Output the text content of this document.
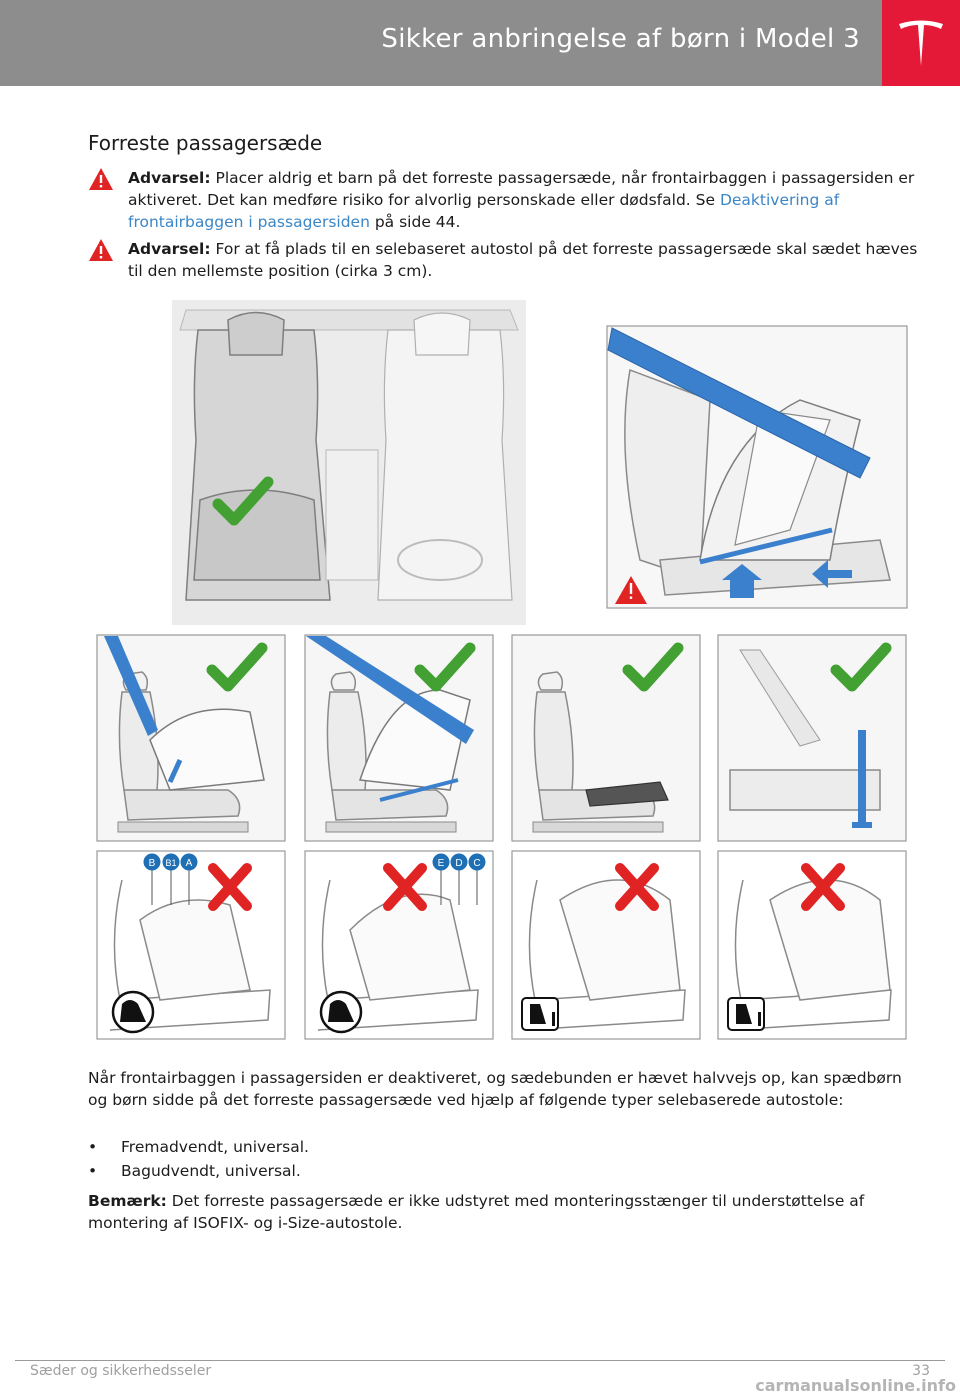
Sikker anbringelse af børn i Model 3
Forreste passagersæde
Advarsel: Placer aldrig et barn på det forreste passagersæde, når frontairbaggen i passagersiden er aktiveret. Det kan medføre risiko for alvorlig personskade eller dødsfald. Se Deaktivering af frontairbaggen i passagersiden på side 44.
Advarsel: For at få plads til en selebaseret autostol på det forreste passagersæde skal sædet hæves til den mellemste position (cirka 3 cm).
B B1 A	E D C
Når frontairbaggen i passagersiden er deaktiveret, og sædebunden er hævet halvvejs op, kan spædbørn og børn sidde på det forreste passagersæde ved hjælp af følgende typer selebaserede autostole:
• Fremadvendt, universal.
• Bagudvendt, universal.
Bemærk: Det forreste passagersæde er ikke udstyret med monteringsstænger til understøttelse af montering af ISOFIX- og i-Size-autostole.
Sæder og sikkerhedsseler	33
carmanualsonline.info
